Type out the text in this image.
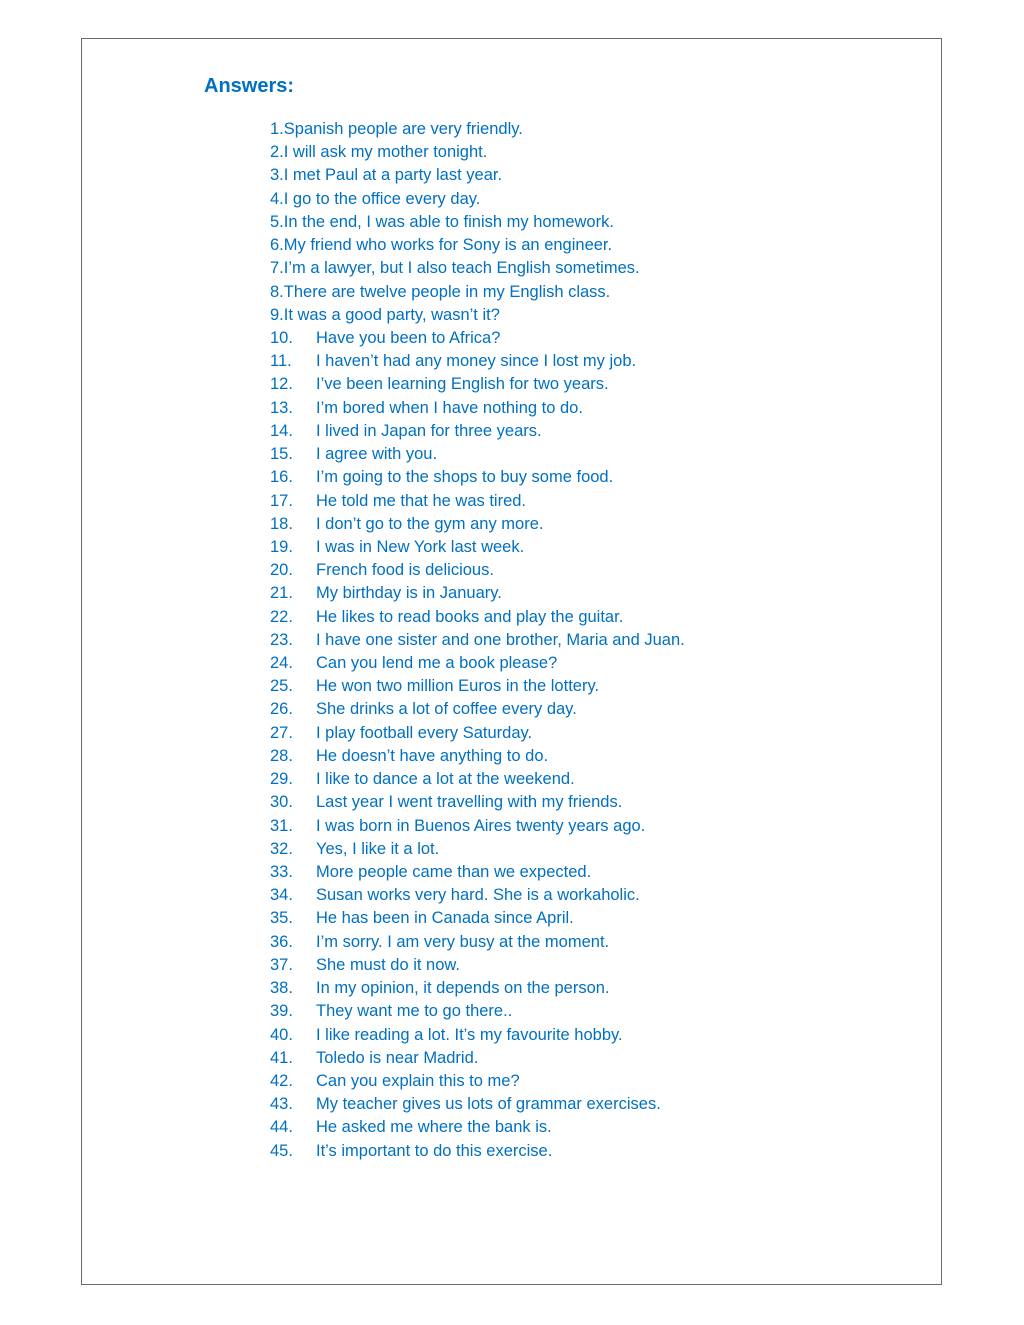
Answers:
1.Spanish people are very friendly.
2.I will ask my mother tonight.
3.I met Paul at a party last year.
4.I go to the office every day.
5.In the end, I was able to finish my homework.
6.My friend who works for Sony is an engineer.
7.I’m a lawyer, but I also teach English sometimes.
8.There are twelve people in my English class.
9.It was a good party, wasn’t it?
10. Have you been to Africa?
11. I haven’t had any money since I lost my job.
12. I’ve been learning English for two years.
13. I’m bored when I have nothing to do.
14. I lived in Japan for three years.
15. I agree with you.
16. I’m going to the shops to buy some food.
17. He told me that he was tired.
18. I don’t go to the gym any more.
19. I was in New York last week.
20. French food is delicious.
21. My birthday is in January.
22. He likes to read books and play the guitar.
23. I have one sister and one brother, Maria and Juan.
24. Can you lend me a book please?
25. He won two million Euros in the lottery.
26. She drinks a lot of coffee every day.
27. I play football every Saturday.
28. He doesn’t have anything to do.
29. I like to dance a lot at the weekend.
30. Last year I went travelling with my friends.
31. I was born in Buenos Aires twenty years ago.
32. Yes, I like it a lot.
33. More people came than we expected.
34. Susan works very hard. She is a workaholic.
35. He has been in Canada since April.
36. I’m sorry. I am very busy at the moment.
37. She must do it now.
38. In my opinion, it depends on the person.
39. They want me to go there..
40. I like reading a lot. It’s my favourite hobby.
41. Toledo is near Madrid.
42. Can you explain this to me?
43. My teacher gives us lots of grammar exercises.
44. He asked me where the bank is.
45. It’s important to do this exercise.
